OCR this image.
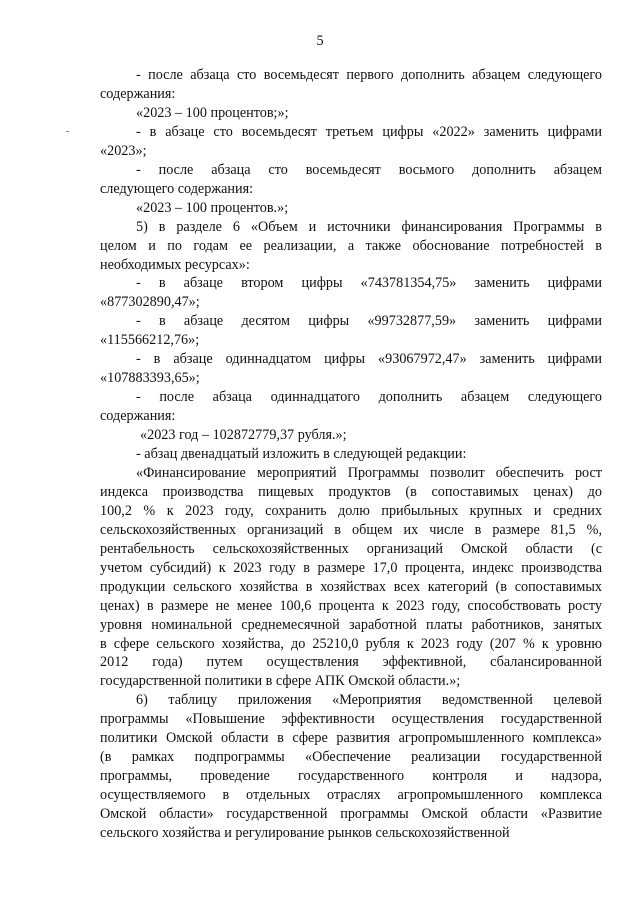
5
- после абзаца сто восемьдесят первого дополнить абзацем следующего
содержания:
«2023 – 100 процентов;»;
- в абзаце сто восемьдесят третьем цифры «2022» заменить цифрами
«2023»;
- после абзаца сто восемьдесят восьмого дополнить абзацем
следующего содержания:
«2023 – 100 процентов.»;
5) в разделе 6 «Объем и источники финансирования Программы в
целом и по годам ее реализации, а также обоснование потребностей в
необходимых ресурсах»:
- в абзаце втором цифры «743781354,75» заменить цифрами
«877302890,47»;
- в абзаце десятом цифры «99732877,59» заменить цифрами
«115566212,76»;
- в абзаце одиннадцатом цифры «93067972,47» заменить цифрами
«107883393,65»;
- после абзаца одиннадцатого дополнить абзацем следующего
содержания:
«2023 год – 102872779,37 рубля.»;
- абзац двенадцатый изложить в следующей редакции:
«Финансирование мероприятий Программы позволит обеспечить рост
индекса производства пищевых продуктов (в сопоставимых ценах) до
100,2 % к 2023 году, сохранить долю прибыльных крупных и средних
сельскохозяйственных организаций в общем их числе в размере 81,5 %,
рентабельность сельскохозяйственных организаций Омской области (с
учетом субсидий) к 2023 году в размере 17,0 процента, индекс производства
продукции сельского хозяйства в хозяйствах всех категорий (в сопоставимых
ценах) в размере не менее 100,6 процента к 2023 году, способствовать росту
уровня номинальной среднемесячной заработной платы работников, занятых
в сфере сельского хозяйства, до 25210,0 рубля к 2023 году (207 % к уровню
2012 года) путем осуществления эффективной, сбалансированной
государственной политики в сфере АПК Омской области.»;
6) таблицу приложения «Мероприятия ведомственной целевой
программы «Повышение эффективности осуществления государственной
политики Омской области в сфере развития агропромышленного комплекса»
(в рамках подпрограммы «Обеспечение реализации государственной
программы, проведение государственного контроля и надзора,
осуществляемого в отдельных отраслях агропромышленного комплекса
Омской области» государственной программы Омской области «Развитие
сельского хозяйства и регулирование рынков сельскохозяйственной
